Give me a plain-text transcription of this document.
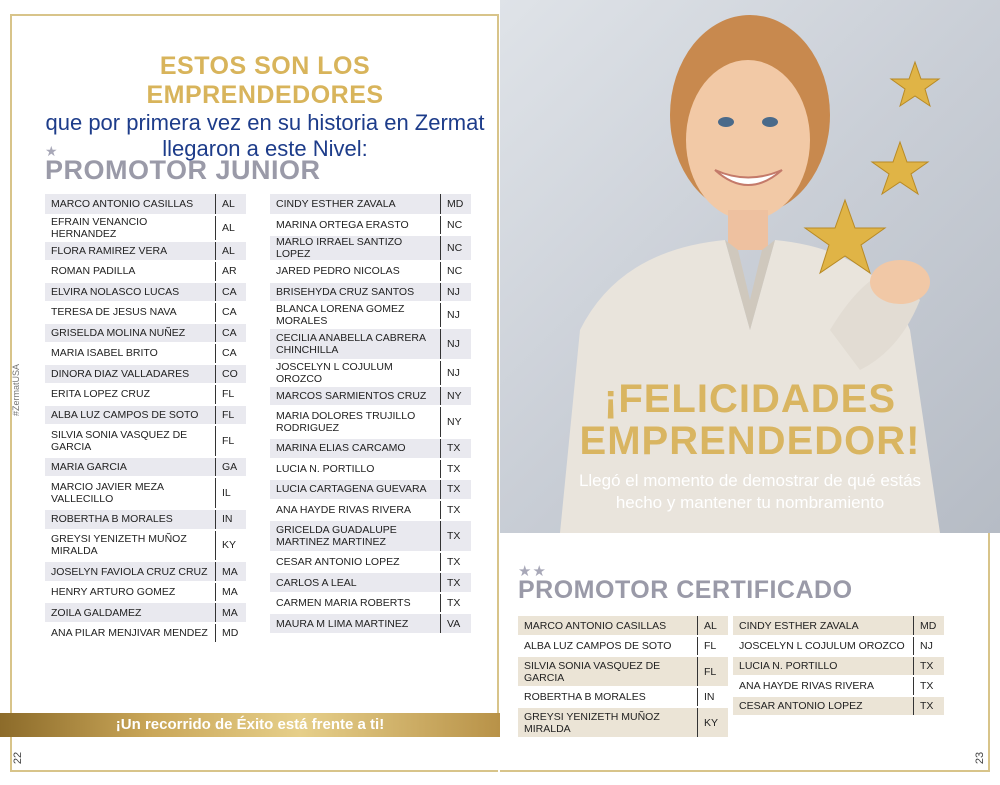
#ZermatUSA
22	23
ESTOS SON LOS EMPRENDEDORES
que por primera vez en su historia en Zermat
llegaron a este Nivel:
★
PROMOTOR JUNIOR
MARCO ANTONIO CASILLAS	AL
EFRAIN VENANCIO HERNANDEZ	AL
FLORA RAMIREZ VERA	AL
ROMAN PADILLA	AR
ELVIRA NOLASCO LUCAS	CA
TERESA DE JESUS NAVA	CA
GRISELDA MOLINA NUÑEZ	CA
MARIA ISABEL BRITO	CA
DINORA DIAZ VALLADARES	CO
ERITA LOPEZ CRUZ	FL
ALBA LUZ CAMPOS DE SOTO	FL
SILVIA SONIA VASQUEZ DE GARCIA	FL
MARIA GARCIA	GA
MARCIO JAVIER MEZA VALLECILLO	IL
ROBERTHA B MORALES	IN
GREYSI YENIZETH MUÑOZ MIRALDA	KY
JOSELYN FAVIOLA CRUZ CRUZ	MA
HENRY ARTURO GOMEZ	MA
ZOILA GALDAMEZ	MA
ANA PILAR MENJIVAR MENDEZ	MD
CINDY ESTHER ZAVALA	MD
MARINA ORTEGA ERASTO	NC
MARLO IRRAEL SANTIZO LOPEZ	NC
JARED PEDRO NICOLAS	NC
BRISEHYDA CRUZ SANTOS	NJ
BLANCA LORENA GOMEZ MORALES	NJ
CECILIA ANABELLA CABRERA CHINCHILLA	NJ
JOSCELYN L COJULUM OROZCO	NJ
MARCOS SARMIENTOS CRUZ	NY
MARIA DOLORES TRUJILLO RODRIGUEZ	NY
MARINA ELIAS CARCAMO	TX
LUCIA N. PORTILLO	TX
LUCIA CARTAGENA GUEVARA	TX
ANA HAYDE RIVAS RIVERA	TX
GRICELDA GUADALUPE MARTINEZ MARTINEZ	TX
CESAR ANTONIO LOPEZ	TX
CARLOS A LEAL	TX
CARMEN MARIA ROBERTS	TX
MAURA M LIMA MARTINEZ	VA
¡Un recorrido de Éxito está frente a ti!
¡FELICIDADES
EMPRENDEDOR!
Llegó el momento de demostrar de qué estás
hecho y mantener tu nombramiento
★★
PROMOTOR CERTIFICADO
MARCO ANTONIO CASILLAS	AL
ALBA LUZ CAMPOS DE SOTO	FL
SILVIA SONIA VASQUEZ DE GARCIA	FL
ROBERTHA B MORALES	IN
GREYSI YENIZETH MUÑOZ MIRALDA	KY
CINDY ESTHER ZAVALA	MD
JOSCELYN L COJULUM OROZCO	NJ
LUCIA N. PORTILLO	TX
ANA HAYDE RIVAS RIVERA	TX
CESAR ANTONIO LOPEZ	TX
